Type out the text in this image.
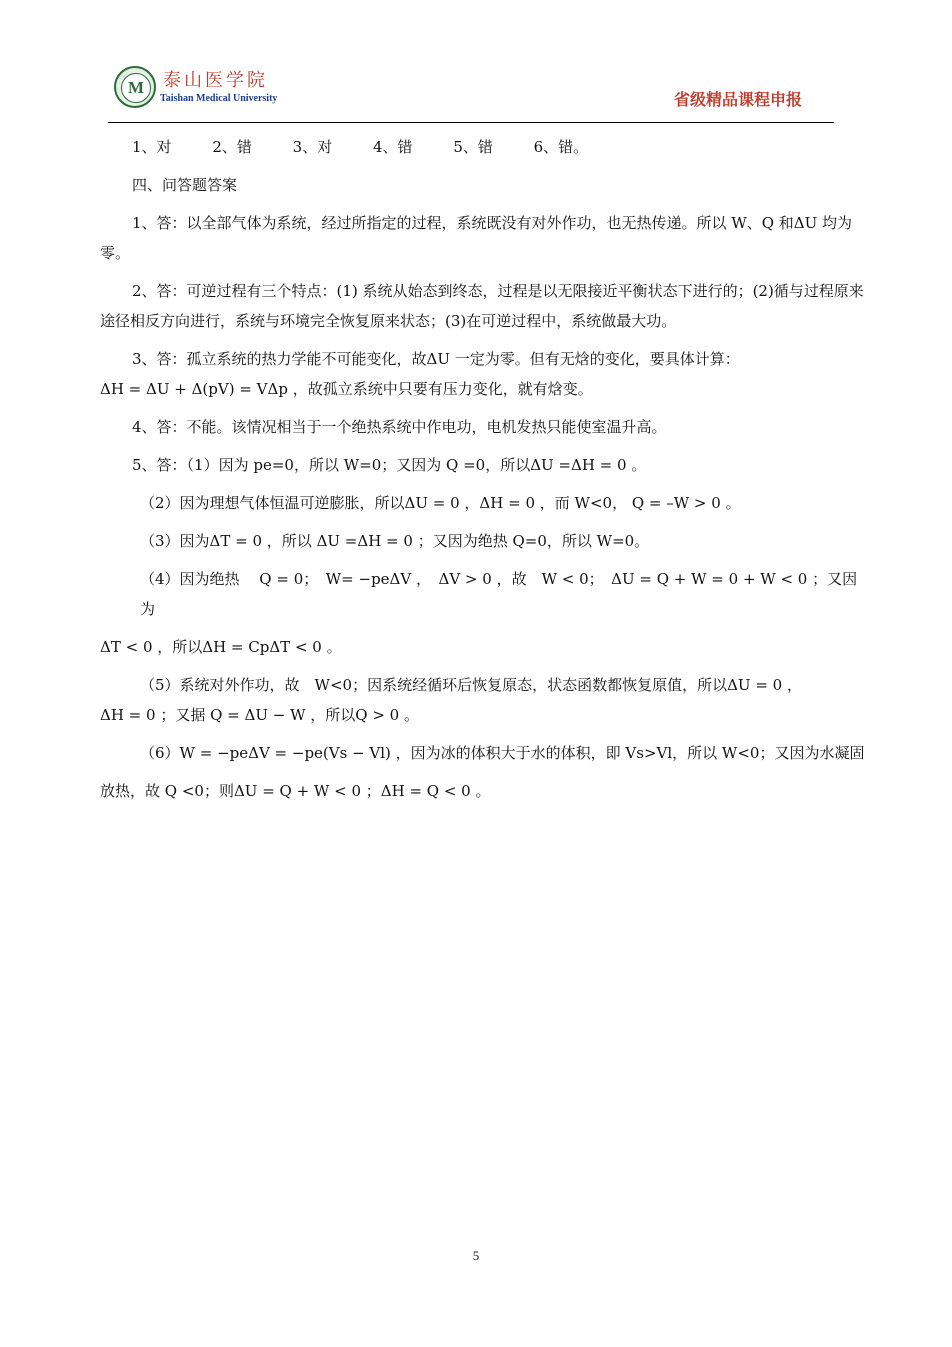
M	泰山医学院
Taishan Medical University	省级精品课程申报

1、对	2、错	3、对	4、错	5、错	6、错。

四、问答题答案

1、答：以全部气体为系统，经过所指定的过程，系统既没有对外作功，也无热传递。所以 W、Q 和ΔU 均为零。

2、答：可逆过程有三个特点：(1) 系统从始态到终态，过程是以无限接近平衡状态下进行的；(2)循与过程原来途径相反方向进行，系统与环境完全恢复原来状态；(3)在可逆过程中，系统做最大功。

3、答：孤立系统的热力学能不可能变化，故ΔU 一定为零。但有无焓的变化，要具体计算：

ΔH = ΔU + Δ(pV) = VΔp ，故孤立系统中只要有压力变化，就有焓变。

4、答：不能。该情况相当于一个绝热系统中作电功，电机发热只能使室温升高。

5、答：（1）因为 pe=0，所以 W=0；又因为 Q =0，所以ΔU =ΔH = 0 。

（2）因为理想气体恒温可逆膨胀，所以ΔU = 0 ，ΔH = 0 ，而 W<0， Q = –W > 0 。

（3）因为ΔT = 0 ，所以 ΔU =ΔH = 0 ；又因为绝热 Q=0，所以 W=0。

（4）因为绝热　 Q = 0；　W= −peΔV ，　ΔV > 0 ，故　W < 0；　ΔU = Q + W = 0 + W < 0 ；又因为

ΔT < 0 ，所以ΔH = CpΔT < 0 。

（5）系统对外作功，故　W<0；因系统经循环后恢复原态，状态函数都恢复原值，所以ΔU = 0 ，

ΔH = 0 ；又据 Q = ΔU − W ，所以Q > 0 。

（6）W = −peΔV = −pe(Vs − Vl) ，因为冰的体积大于水的体积，即 Vs>Vl，所以 W<0；又因为水凝固

放热，故 Q <0；则ΔU = Q + W < 0 ；ΔH = Q < 0 。

5
